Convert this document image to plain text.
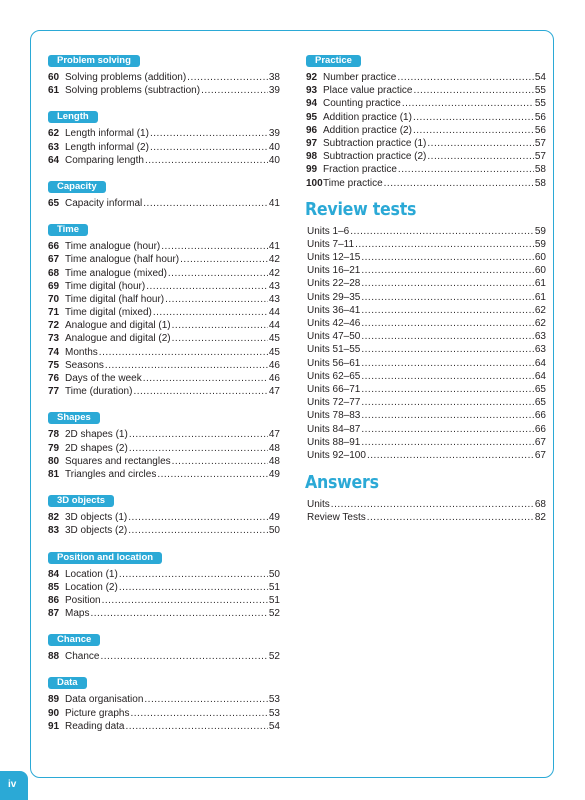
Problem solving
60 Solving problems (addition) .....	38
61 Solving problems (subtraction) .....	39
Length
62 Length informal (1) .....	39
63 Length informal (2) .....	40
64 Comparing length .....	40
Capacity
65 Capacity informal .....	41
Time
66 Time analogue (hour) .....	41
67 Time analogue (half hour) .....	42
68 Time analogue (mixed) .....	42
69 Time digital (hour) .....	43
70 Time digital (half hour) .....	43
71 Time digital (mixed) .....	44
72 Analogue and digital (1) .....	44
73 Analogue and digital (2) .....	45
74 Months .....	45
75 Seasons .....	46
76 Days of the week .....	46
77 Time (duration) .....	47
Shapes
78 2D shapes (1) .....	47
79 2D shapes (2) .....	48
80 Squares and rectangles .....	48
81 Triangles and circles .....	49
3D objects
82 3D objects (1) .....	49
83 3D objects (2) .....	50
Position and location
84 Location (1) .....	50
85 Location (2) .....	51
86 Position .....	51
87 Maps .....	52
Chance
88 Chance .....	52
Data
89 Data organisation .....	53
90 Picture graphs .....	53
91 Reading data .....	54
Practice
92 Number practice .....	54
93 Place value practice .....	55
94 Counting practice .....	55
95 Addition practice (1) .....	56
96 Addition practice (2) .....	56
97 Subtraction practice (1) .....	57
98 Subtraction practice (2) .....	57
99 Fraction practice .....	58
100 Time practice .....	58
Review tests
Units 1–6 .....	59
Units 7–11 .....	59
Units 12–15 .....	60
Units 16–21 .....	60
Units 22–28 .....	61
Units 29–35 .....	61
Units 36–41 .....	62
Units 42–46 .....	62
Units 47–50 .....	63
Units 51–55 .....	63
Units 56–61 .....	64
Units 62–65 .....	64
Units 66–71 .....	65
Units 72–77 .....	65
Units 78–83 .....	66
Units 84–87 .....	66
Units 88–91 .....	67
Units 92–100 .....	67
Answers
Units .....	68
Review Tests .....	82
iv
